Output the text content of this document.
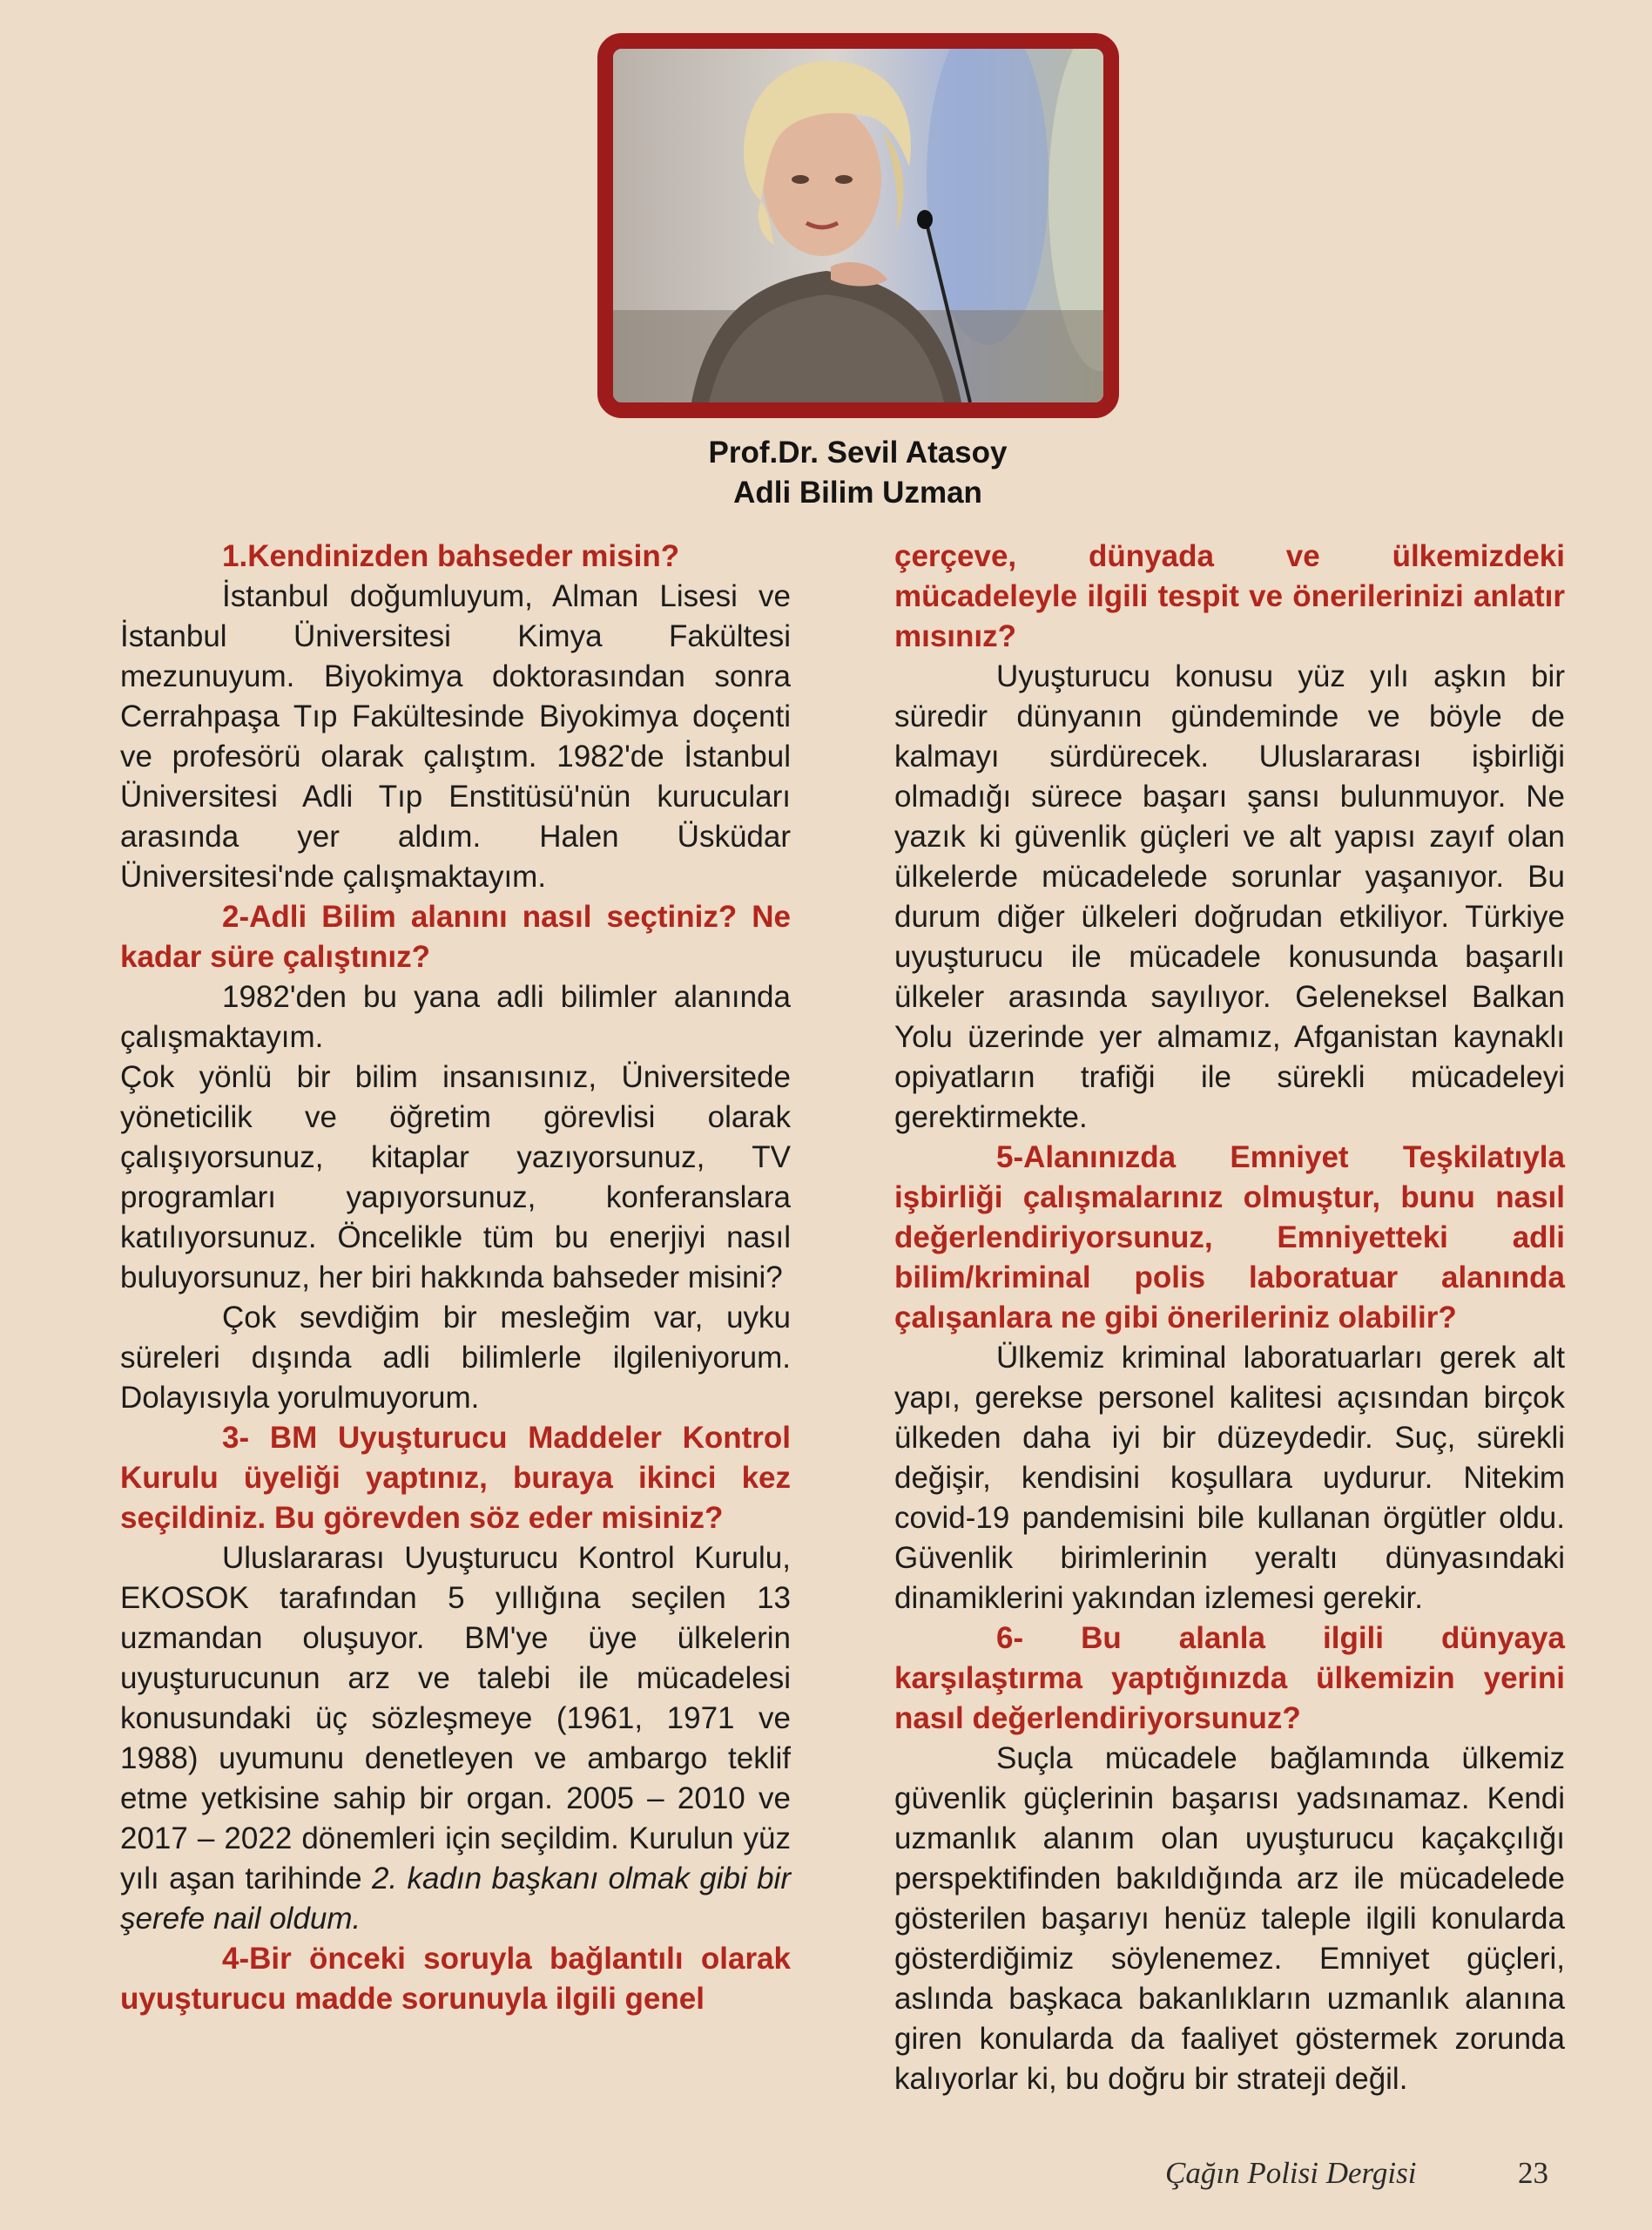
Prof.Dr. Sevil Atasoy
Adli Bilim Uzman

1.Kendinizden bahseder misin?

İstanbul doğumluyum, Alman Lisesi ve İstanbul Üniversitesi Kimya Fakültesi mezunuyum. Biyokimya doktorasından sonra Cerrahpaşa Tıp Fakültesinde Biyokimya doçenti ve profesörü olarak çalıştım. 1982'de İstanbul Üniversitesi Adli Tıp Enstitüsü'nün kurucuları arasında yer aldım. Halen Üsküdar Üniversitesi'nde çalışmaktayım.

2-Adli Bilim alanını nasıl seçtiniz? Ne kadar süre çalıştınız?

1982'den bu yana adli bilimler alanında çalışmaktayım.

Çok yönlü bir bilim insanısınız, Üniversitede yöneticilik ve öğretim görevlisi olarak çalışıyorsunuz, kitaplar yazıyorsunuz, TV programları yapıyorsunuz, konferanslara katılıyorsunuz. Öncelikle tüm bu enerjiyi nasıl buluyorsunuz, her biri hakkında bahseder misini?

Çok sevdiğim bir mesleğim var, uyku süreleri dışında adli bilimlerle ilgileniyorum. Dolayısıyla yorulmuyorum.

3- BM Uyuşturucu Maddeler Kontrol Kurulu üyeliği yaptınız, buraya ikinci kez seçildiniz. Bu görevden söz eder misiniz?

Uluslararası Uyuşturucu Kontrol Kurulu, EKOSOK tarafından 5 yıllığına seçilen 13 uzmandan oluşuyor. BM'ye üye ülkelerin uyuşturucunun arz ve talebi ile mücadelesi konusundaki üç sözleşmeye (1961, 1971 ve 1988) uyumunu denetleyen ve ambargo teklif etme yetkisine sahip bir organ. 2005 – 2010 ve 2017 – 2022 dönemleri için seçildim. Kurulun yüz yılı aşan tarihinde 2. kadın başkanı olmak gibi bir şerefe nail oldum.

4-Bir önceki soruyla bağlantılı olarak uyuşturucu madde sorunuyla ilgili genel

çerçeve, dünyada ve ülkemizdeki mücadeleyle ilgili tespit ve önerilerinizi anlatır mısınız?

Uyuşturucu konusu yüz yılı aşkın bir süredir dünyanın gündeminde ve böyle de kalmayı sürdürecek. Uluslararası işbirliği olmadığı sürece başarı şansı bulunmuyor. Ne yazık ki güvenlik güçleri ve alt yapısı zayıf olan ülkelerde mücadelede sorunlar yaşanıyor. Bu durum diğer ülkeleri doğrudan etkiliyor. Türkiye uyuşturucu ile mücadele konusunda başarılı ülkeler arasında sayılıyor. Geleneksel Balkan Yolu üzerinde yer almamız, Afganistan kaynaklı opiyatların trafiği ile sürekli mücadeleyi gerektirmekte.

5-Alanınızda Emniyet Teşkilatıyla işbirliği çalışmalarınız olmuştur, bunu nasıl değerlendiriyorsunuz, Emniyetteki adli bilim/kriminal polis laboratuar alanında çalışanlara ne gibi önerileriniz olabilir?

Ülkemiz kriminal laboratuarları gerek alt yapı, gerekse personel kalitesi açısından birçok ülkeden daha iyi bir düzeydedir. Suç, sürekli değişir, kendisini koşullara uydurur. Nitekim covid-19 pandemisini bile kullanan örgütler oldu. Güvenlik birimlerinin yeraltı dünyasındaki dinamiklerini yakından izlemesi gerekir.

6- Bu alanla ilgili dünyaya karşılaştırma yaptığınızda ülkemizin yerini nasıl değerlendiriyorsunuz?

Suçla mücadele bağlamında ülkemiz güvenlik güçlerinin başarısı yadsınamaz. Kendi uzmanlık alanım olan uyuşturucu kaçakçılığı perspektifinden bakıldığında arz ile mücadelede gösterilen başarıyı henüz taleple ilgili konularda gösterdiğimiz söylenemez. Emniyet güçleri, aslında başkaca bakanlıkların uzmanlık alanına giren konularda da faaliyet göstermek zorunda kalıyorlar ki, bu doğru bir strateji değil.

Çağın Polisi Dergisi	23
